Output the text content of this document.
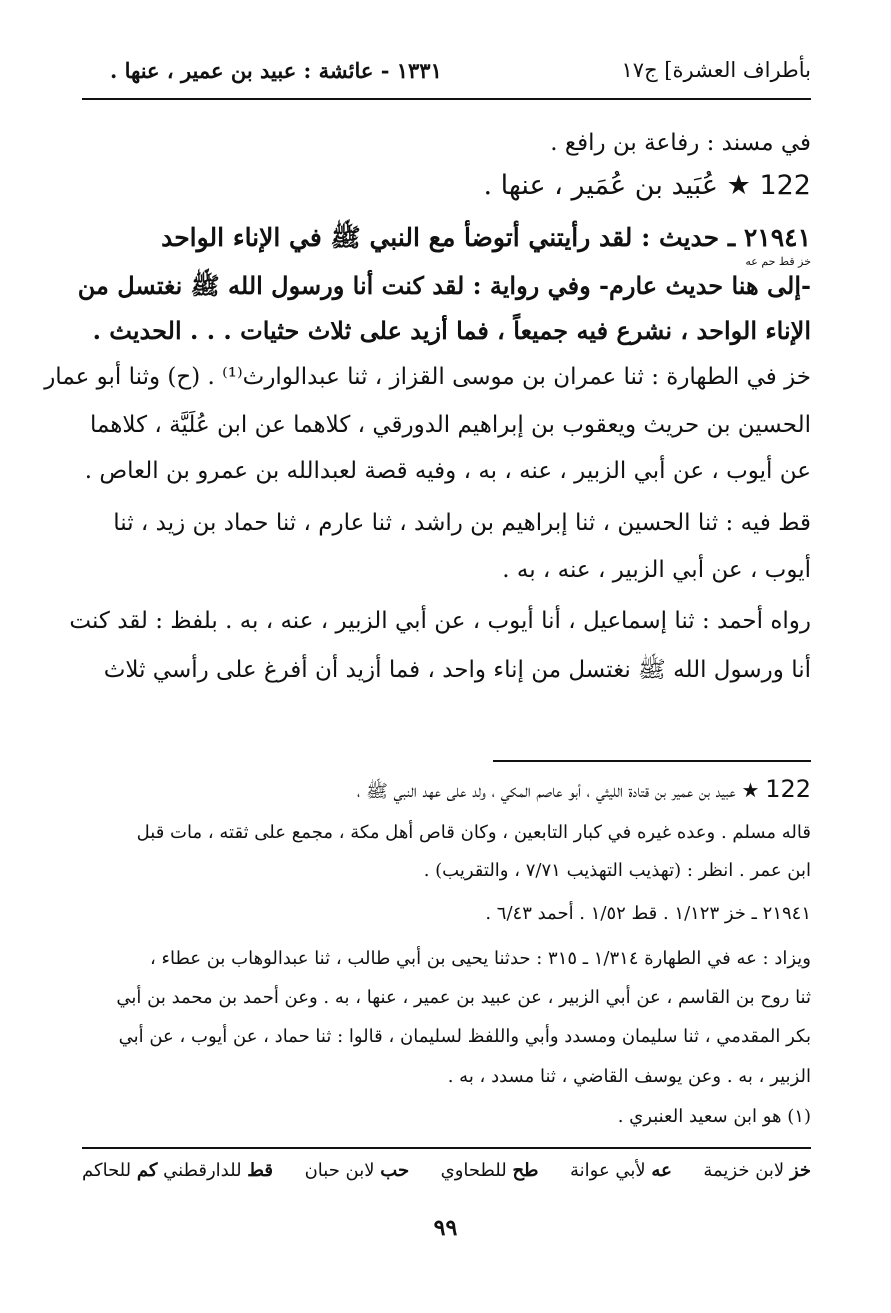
بأطراف العشرة] ج١٧
١٣٣١ - عائشة : عبيد بن عمير ، عنها .
في مسند : رفاعة بن رافع .
122 ★ عُبَيد بن عُمَير ، عنها .
٢١٩٤١ ـ حديث : لقد رأيتني أتوضأ مع النبي ﷺ في الإناء الواحد
خز قط حم عه
-إلى هنا حديث عارم- وفي رواية : لقد كنت أنا ورسول الله ﷺ نغتسل من
الإناء الواحد ، نشرع فيه جميعاً ، فما أزيد على ثلاث حثيات . . . الحديث .
خز في الطهارة : ثنا عمران بن موسى القزاز ، ثنا عبدالوارث⁽¹⁾ . (ح) وثنا أبو عمار
الحسين بن حريث ويعقوب بن إبراهيم الدورقي ، كلاهما عن ابن عُلَيَّة ، كلاهما
عن أيوب ، عن أبي الزبير ، عنه ، به ، وفيه قصة لعبدالله بن عمرو بن العاص .
قط فيه : ثنا الحسين ، ثنا إبراهيم بن راشد ، ثنا عارم ، ثنا حماد بن زيد ، ثنا
أيوب ، عن أبي الزبير ، عنه ، به .
رواه أحمد : ثنا إسماعيل ، أنا أيوب ، عن أبي الزبير ، عنه ، به . بلفظ : لقد كنت
أنا ورسول الله ﷺ نغتسل من إناء واحد ، فما أزيد أن أفرغ على رأسي ثلاث
122 ★ عبيد بن عمير بن قتادة الليثي ، أبو عاصم المكي ، ولد على عهد النبي ﷺ ،
قاله مسلم . وعده غيره في كبار التابعين ، وكان قاص أهل مكة ، مجمع على ثقته ، مات قبل
ابن عمر . انظر : (تهذيب التهذيب ٧/٧١ ، والتقريب) .
٢١٩٤١ ـ خز ١/١٢٣ . قط ١/٥٢ . أحمد ٦/٤٣ .
ويزاد : عه في الطهارة ١/٣١٤ ـ ٣١٥ : حدثنا يحيى بن أبي طالب ، ثنا عبدالوهاب بن عطاء ،
ثنا روح بن القاسم ، عن أبي الزبير ، عن عبيد بن عمير ، عنها ، به . وعن أحمد بن محمد بن أبي
بكر المقدمي ، ثنا سليمان ومسدد وأبي واللفظ لسليمان ، قالوا : ثنا حماد ، عن أيوب ، عن أبي
الزبير ، به . وعن يوسف القاضي ، ثنا مسدد ، به .
(١) هو ابن سعيد العنبري .
خز لابن خزيمة
عه لأبي عوانة
طح للطحاوي
حب لابن حبان
قط للدارقطني كم للحاكم
٩٩
